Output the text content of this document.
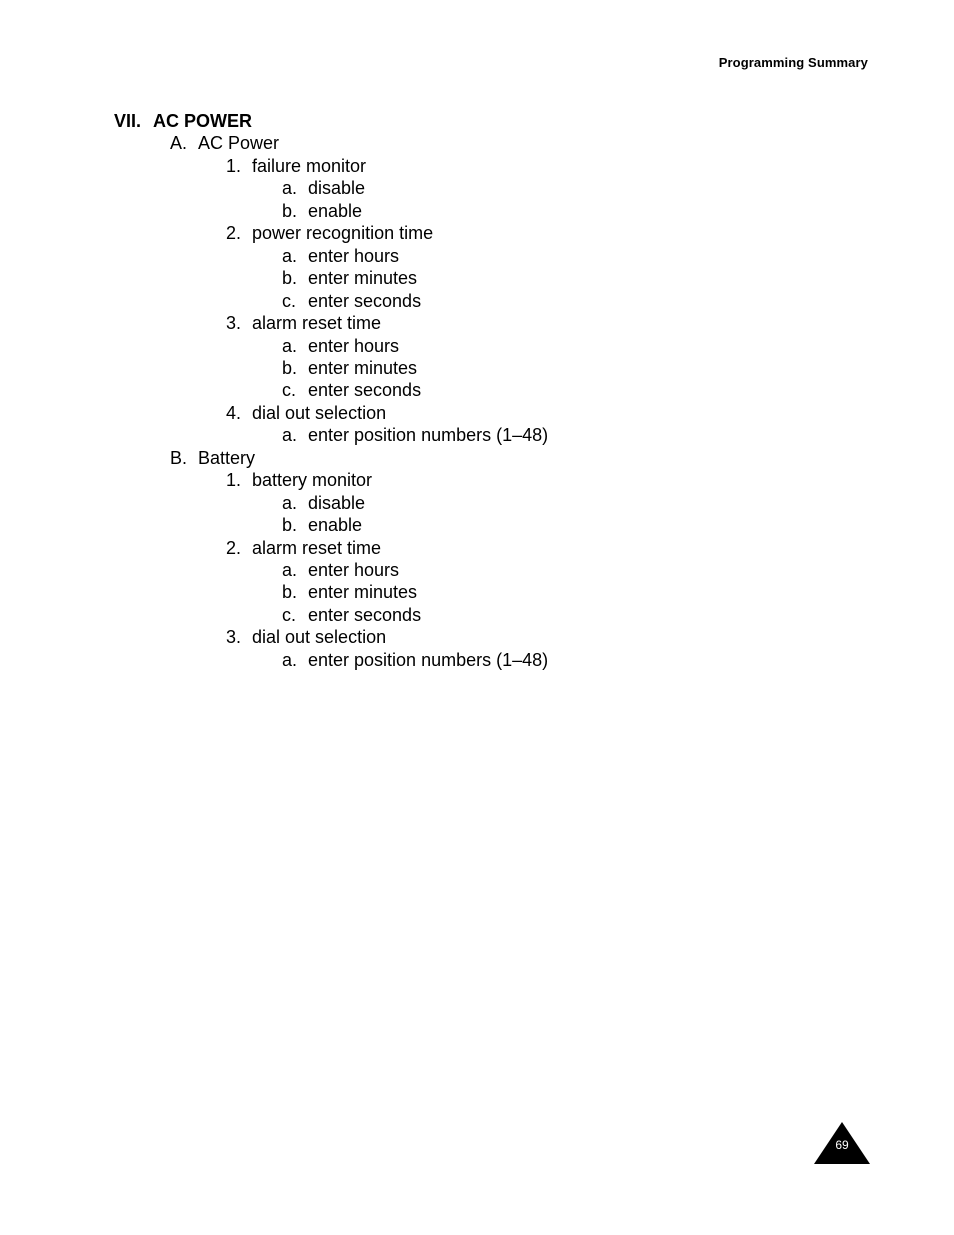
Programming Summary
VII. AC POWER
A. AC Power
1. failure monitor
a. disable
b. enable
2. power recognition time
a. enter hours
b. enter minutes
c. enter seconds
3. alarm reset time
a. enter hours
b. enter minutes
c. enter seconds
4. dial out selection
a. enter position numbers (1–48)
B. Battery
1. battery monitor
a. disable
b. enable
2. alarm reset time
a. enter hours
b. enter minutes
c. enter seconds
3. dial out selection
a. enter position numbers (1–48)
69
